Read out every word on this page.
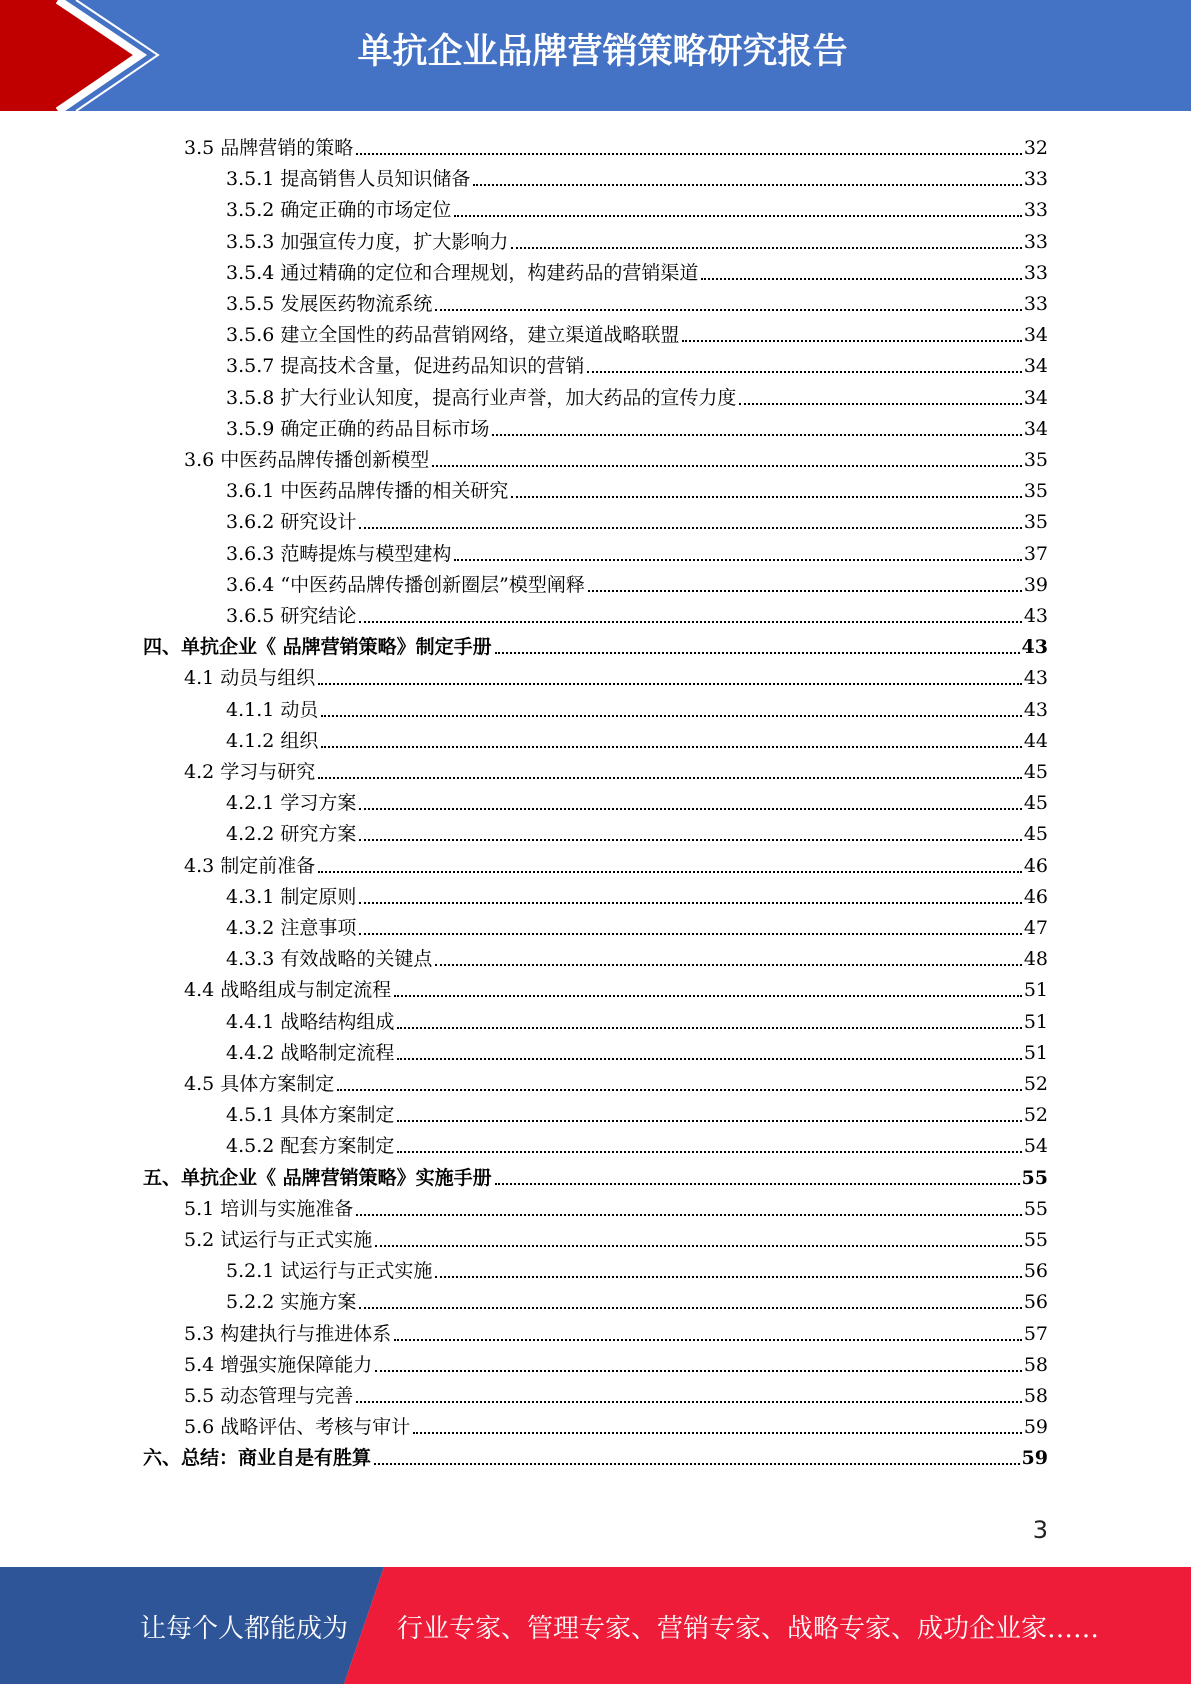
单抗企业品牌营销策略研究报告
3.5 品牌营销的策略	32
3.5.1 提高销售人员知识储备	33
3.5.2 确定正确的市场定位	33
3.5.3 加强宣传力度，扩大影响力	33
3.5.4 通过精确的定位和合理规划，构建药品的营销渠道	33
3.5.5 发展医药物流系统	33
3.5.6 建立全国性的药品营销网络，建立渠道战略联盟	34
3.5.7 提高技术含量，促进药品知识的营销	34
3.5.8 扩大行业认知度，提高行业声誉，加大药品的宣传力度	34
3.5.9 确定正确的药品目标市场	34
3.6 中医药品牌传播创新模型	35
3.6.1 中医药品牌传播的相关研究	35
3.6.2 研究设计	35
3.6.3 范畴提炼与模型建构	37
3.6.4 “中医药品牌传播创新圈层”模型阐释	39
3.6.5 研究结论	43
四、单抗企业《 品牌营销策略》制定手册	43
4.1 动员与组织	43
4.1.1 动员	43
4.1.2 组织	44
4.2 学习与研究	45
4.2.1 学习方案	45
4.2.2 研究方案	45
4.3 制定前准备	46
4.3.1 制定原则	46
4.3.2 注意事项	47
4.3.3 有效战略的关键点	48
4.4 战略组成与制定流程	51
4.4.1 战略结构组成	51
4.4.2 战略制定流程	51
4.5 具体方案制定	52
4.5.1 具体方案制定	52
4.5.2 配套方案制定	54
五、单抗企业《 品牌营销策略》实施手册	55
5.1 培训与实施准备	55
5.2 试运行与正式实施	55
5.2.1 试运行与正式实施	56
5.2.2 实施方案	56
5.3 构建执行与推进体系	57
5.4 增强实施保障能力	58
5.5 动态管理与完善	58
5.6 战略评估、考核与审计	59
六、总结：商业自是有胜算	59
3
让每个人都能成为 行业专家、管理专家、营销专家、战略专家、成功企业家……
